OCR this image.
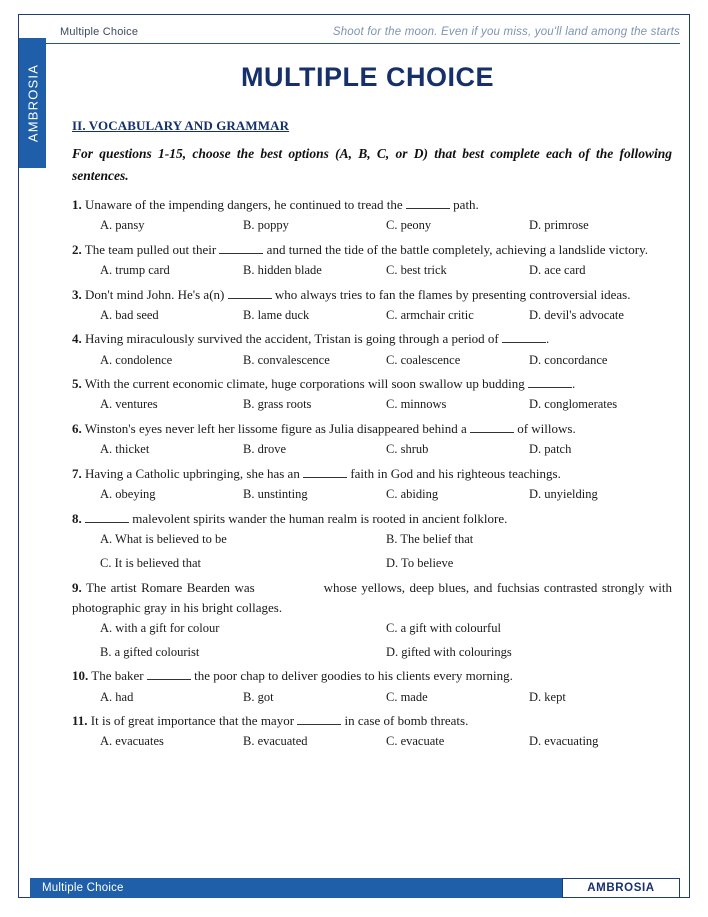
Multiple Choice	Shoot for the moon. Even if you miss, you'll land among the starts
AMBROSIA	MULTIPLE CHOICE
II. VOCABULARY AND GRAMMAR
For questions 1-15, choose the best options (A, B, C, or D) that best complete each of the following sentences.
1. Unaware of the impending dangers, he continued to tread the	path.
A. pansy	B. poppy	C. peony	D. primrose
2. The team pulled out their	and turned the tide of the battle completely, achieving a landslide victory.
A. trump card	B. hidden blade	C. best trick	D. ace card
3. Don't mind John. He's a(n)	who always tries to fan the flames by presenting controversial ideas.
A. bad seed	B. lame duck	C. armchair critic	D. devil's advocate
4. Having miraculously survived the accident, Tristan is going through a period of	.
A. condolence	B. convalescence	C. coalescence	D. concordance
5. With the current economic climate, huge corporations will soon swallow up budding	.
A. ventures	B. grass roots	C. minnows	D. conglomerates
6. Winston's eyes never left her lissome figure as Julia disappeared behind a	of willows.
A. thicket	B. drove	C. shrub	D. patch
7. Having a Catholic upbringing, she has an	faith in God and his righteous teachings.
A. obeying	B. unstinting	C. abiding	D. unyielding
8.	malevolent spirits wander the human realm is rooted in ancient folklore.
A. What is believed to be	B. The belief that
C. It is believed that	D. To believe
9. The artist Romare Bearden was	whose yellows, deep blues, and fuchsias contrasted strongly with photographic gray in his bright collages.
A. with a gift for colour	C. a gift with colourful
B. a gifted colourist	D. gifted with colourings
10. The baker	the poor chap to deliver goodies to his clients every morning.
A. had	B. got	C. made	D. kept
11. It is of great importance that the mayor	in case of bomb threats.
A. evacuates	B. evacuated	C. evacuate	D. evacuating
Multiple Choice	AMBROSIA
